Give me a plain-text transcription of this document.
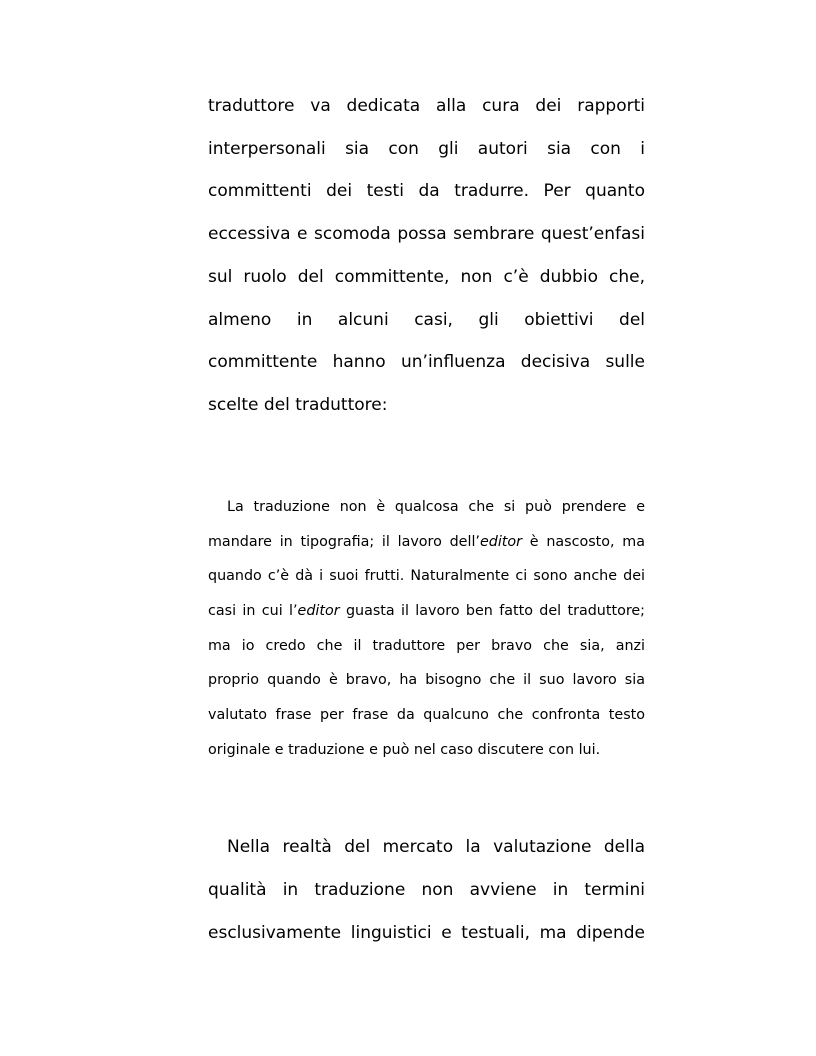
traduttore va dedicata alla cura dei rapporti
interpersonali sia con gli autori sia con i
committenti dei testi da tradurre. Per quanto
eccessiva e scomoda possa sembrare quest’enfasi
sul ruolo del committente, non c’è dubbio che,
almeno in alcuni casi, gli obiettivi del
committente hanno un’influenza decisiva sulle
scelte del traduttore:
La traduzione non è qualcosa che si può prendere e
mandare in tipografia; il lavoro dell’editor è nascosto, ma
quando c’è dà i suoi frutti. Naturalmente ci sono anche dei
casi in cui l’editor guasta il lavoro ben fatto del traduttore;
ma io credo che il traduttore per bravo che sia, anzi
proprio quando è bravo, ha bisogno che il suo lavoro sia
valutato frase per frase da qualcuno che confronta testo
originale e traduzione e può nel caso discutere con lui.
Nella realtà del mercato la valutazione della
qualità in traduzione non avviene in termini
esclusivamente linguistici e testuali, ma dipende
